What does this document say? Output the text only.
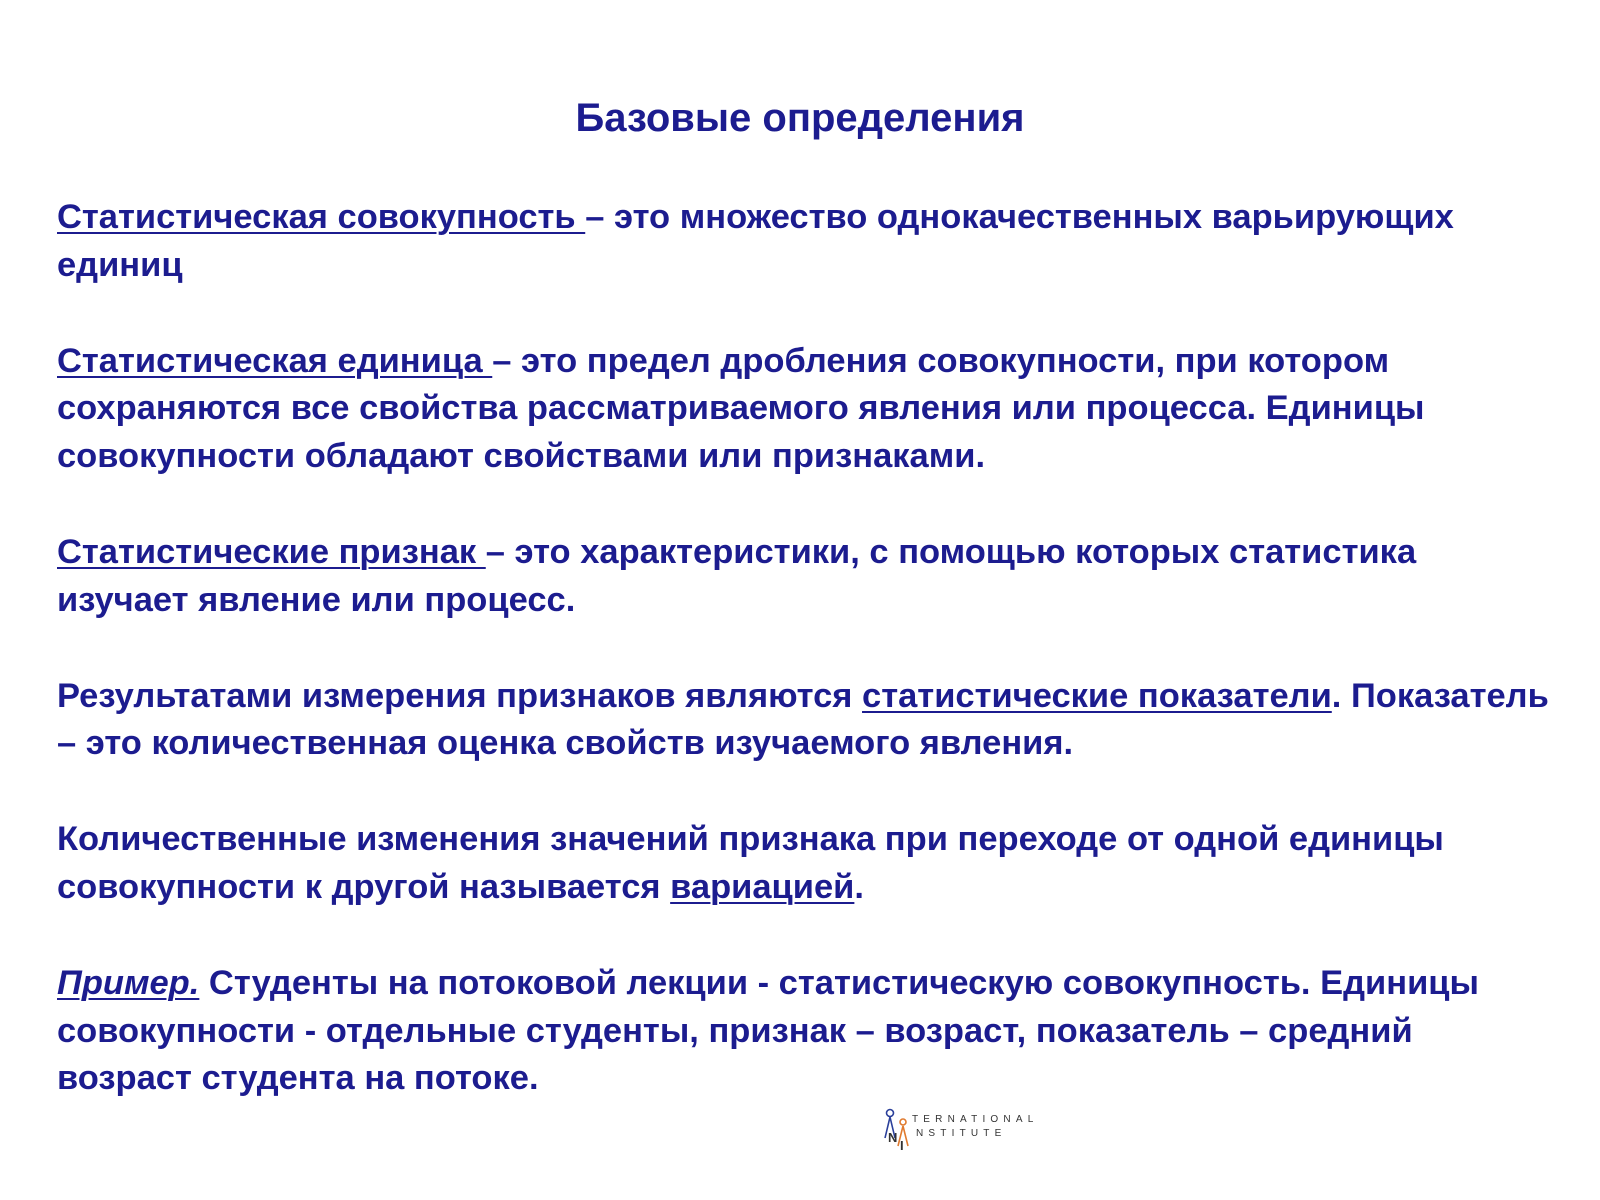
Базовые определения

Статистическая совокупность – это множество однокачественных варьирующих единиц

Статистическая единица – это предел дробления совокупности, при котором сохраняются все свойства рассматриваемого явления или процесса. Единицы совокупности обладают свойствами или признаками.

Статистические признак – это характеристики, с помощью которых статистика изучает явление или процесс.

Результатами измерения признаков являются статистические показатели. Показатель – это количественная оценка свойств изучаемого явления.

Количественные изменения значений признака при переходе от одной единицы совокупности к другой называется вариацией.

Пример. Студенты на потоковой лекции - статистическую совокупность. Единицы совокупности - отдельные студенты, признак – возраст, показатель – средний возраст студента на потоке.

N
I
TERNATIONAL
NSTITUTE
